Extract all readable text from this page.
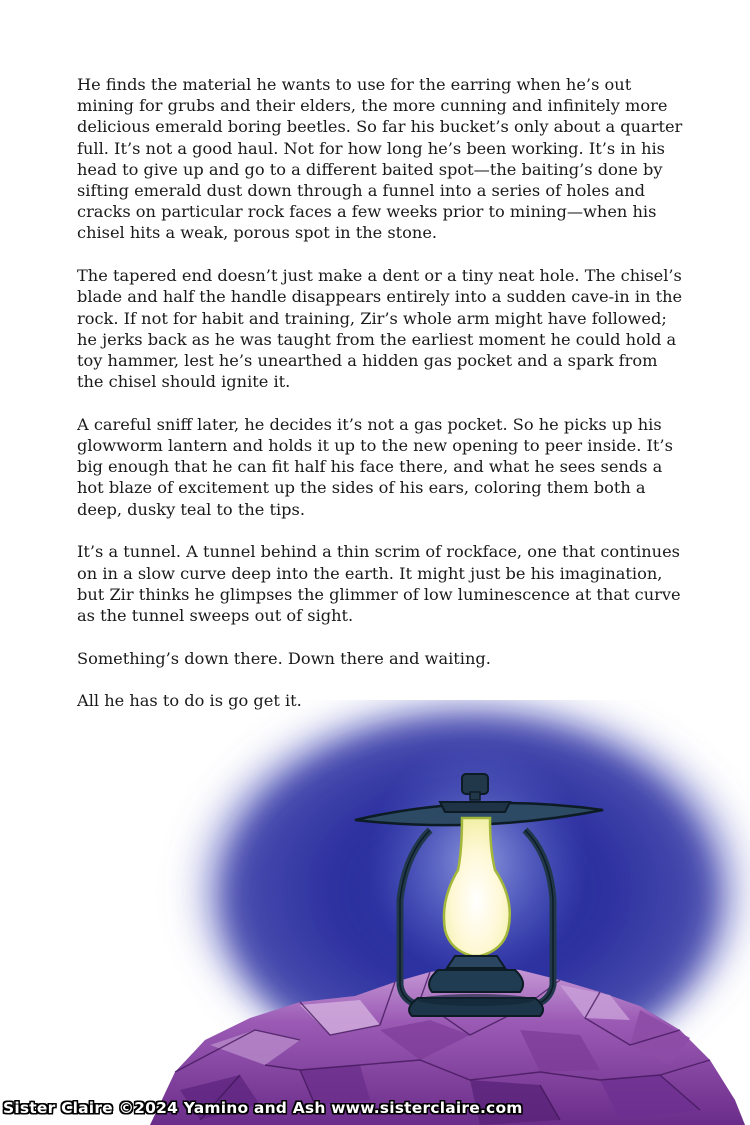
He finds the material he wants to use for the earring when he’s out mining for grubs and their elders, the more cunning and infinitely more delicious emerald boring beetles. So far his bucket’s only about a quarter full. It’s not a good haul. Not for how long he’s been working. It’s in his head to give up and go to a different baited spot—the baiting’s done by sifting emerald dust down through a funnel into a series of holes and cracks on particular rock faces a few weeks prior to mining—when his chisel hits a weak, porous spot in the stone.

The tapered end doesn’t just make a dent or a tiny neat hole. The chisel’s blade and half the handle disappears entirely into a sudden cave-in in the rock. If not for habit and training, Zir’s whole arm might have followed; he jerks back as he was taught from the earliest moment he could hold a toy hammer, lest he’s unearthed a hidden gas pocket and a spark from the chisel should ignite it.

A careful sniff later, he decides it’s not a gas pocket. So he picks up his glowworm lantern and holds it up to the new opening to peer inside. It’s big enough that he can fit half his face there, and what he sees sends a hot blaze of excitement up the sides of his ears, coloring them both a deep, dusky teal to the tips.

It’s a tunnel. A tunnel behind a thin scrim of rockface, one that continues on in a slow curve deep into the earth. It might just be his imagination, but Zir thinks he glimpses the glimmer of low luminescence at that curve as the tunnel sweeps out of sight.

Something’s down there. Down there and waiting.

All he has to do is go get it.

Sister Claire ©2024 Yamino and Ash www.sisterclaire.com
